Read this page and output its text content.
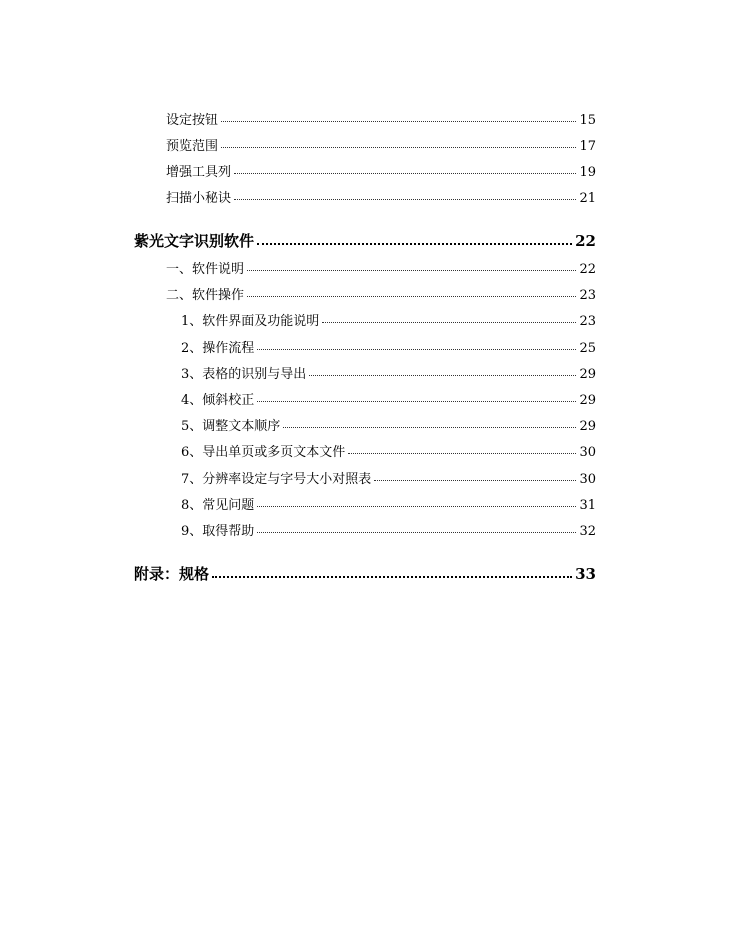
设定按钮	15
预览范围	17
增强工具列	19
扫描小秘诀	21
紫光文字识别软件	22
一、软件说明	22
二、软件操作	23
1、软件界面及功能说明	23
2、操作流程	25
3、表格的识别与导出	29
4、倾斜校正	29
5、调整文本顺序	29
6、导出单页或多页文本文件	30
7、分辨率设定与字号大小对照表	30
8、常见问题	31
9、取得帮助	32
附录：规格	33
